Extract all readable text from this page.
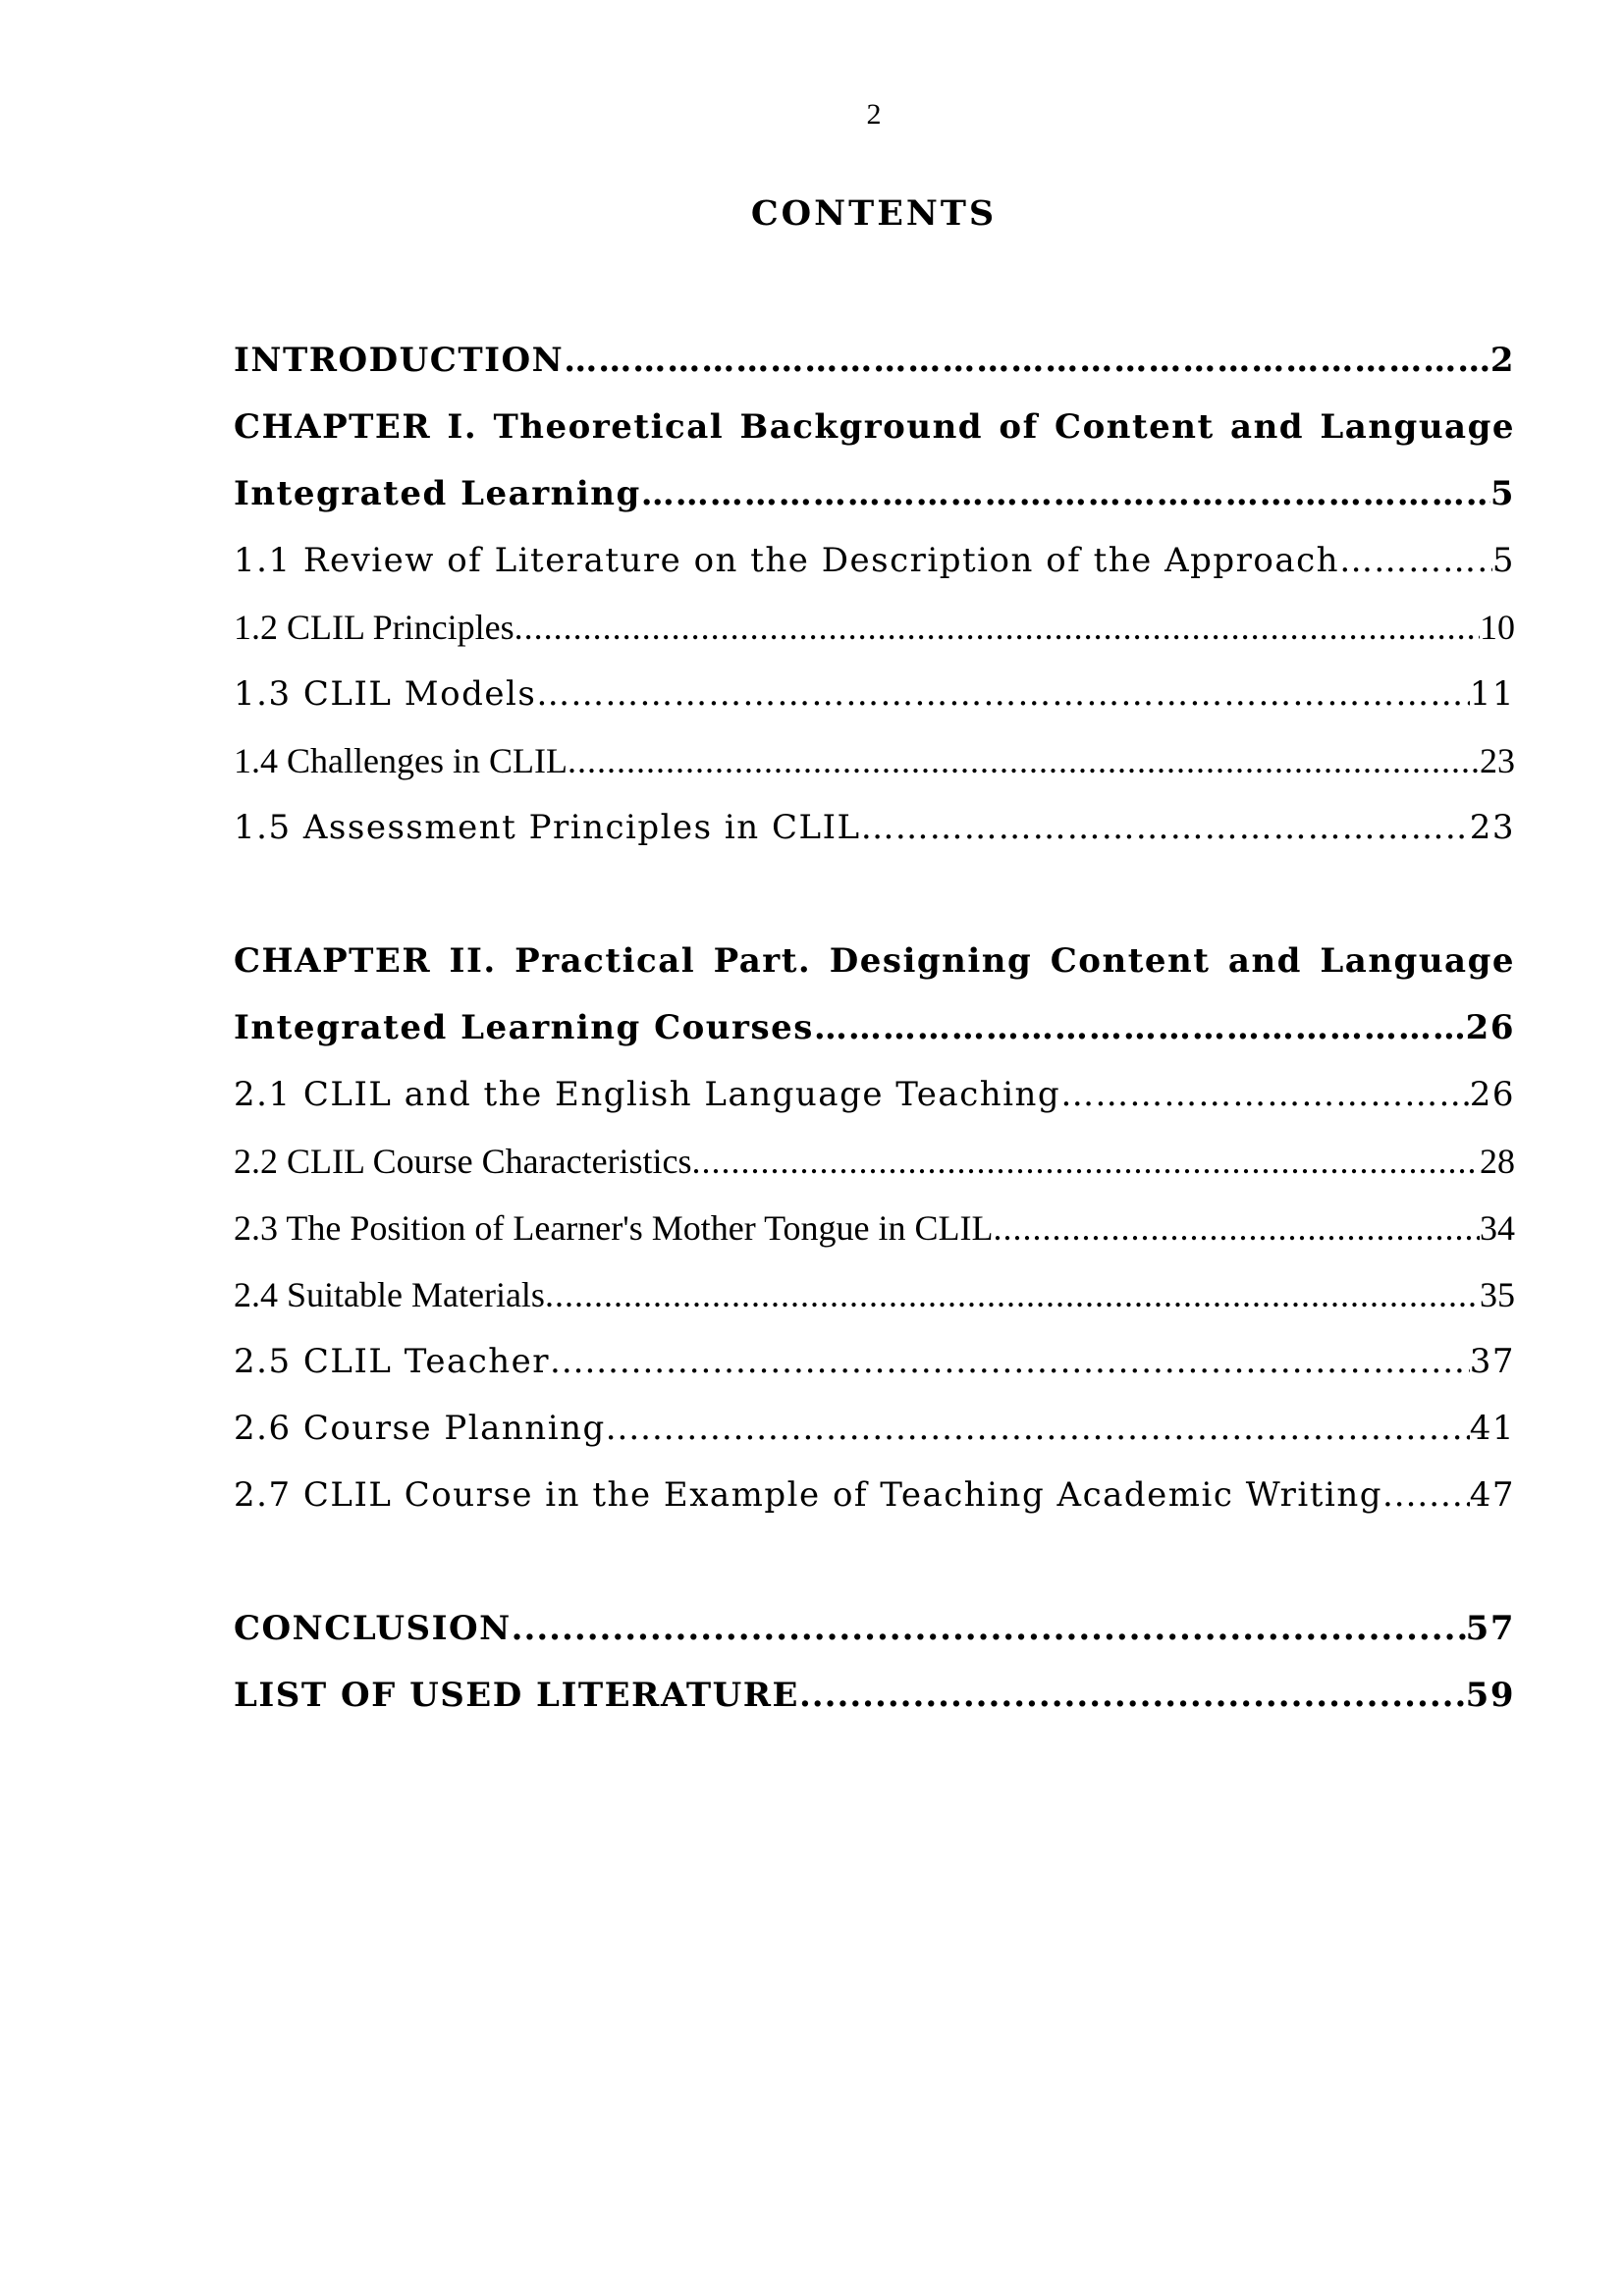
2
CONTENTS
INTRODUCTION ………………………………………………………………………………………………………………………………………………………………………………………………………………………………………………………	2
CHAPTER I. Theoretical Background of Content and Language
Integrated Learning ………………………………………………………………………………………………………………………………………………………………………………………………………………………………………………………	5
1.1 Review of Literature on the Description of the Approach ………………………………………………………………………………………………………………………………………………………………………………………………………………………………………………………	5
1.2 CLIL Principles .....	10
1.3 CLIL Models ………………………………………………………………………………………………………………………………………………………………………………………………………………………………………………………	11
1.4 Challenges in CLIL .....	23
1.5 Assessment Principles in CLIL ………………………………………………………………………………………………………………………………………………………………………………………………………………………………………………………	23
CHAPTER II. Practical Part. Designing Content and Language
Integrated Learning Courses ………………………………………………………………………………………………………………………………………………………………………………………………………………………………………………………	26
2.1 CLIL and the English Language Teaching ………………………………………………………………………………………………………………………………………………………………………………………………………………………………………………………	26
2.2 CLIL Course Characteristics .....	28
2.3 The Position of Learner's Mother Tongue in CLIL .....	34
2.4 Suitable Materials .....	35
2.5 CLIL Teacher .....	37
2.6 Course Planning .....	41
2.7 CLIL Course in the Example of Teaching Academic Writing .....	47
CONCLUSION .....	57
LIST OF USED LITERATURE .....	59
